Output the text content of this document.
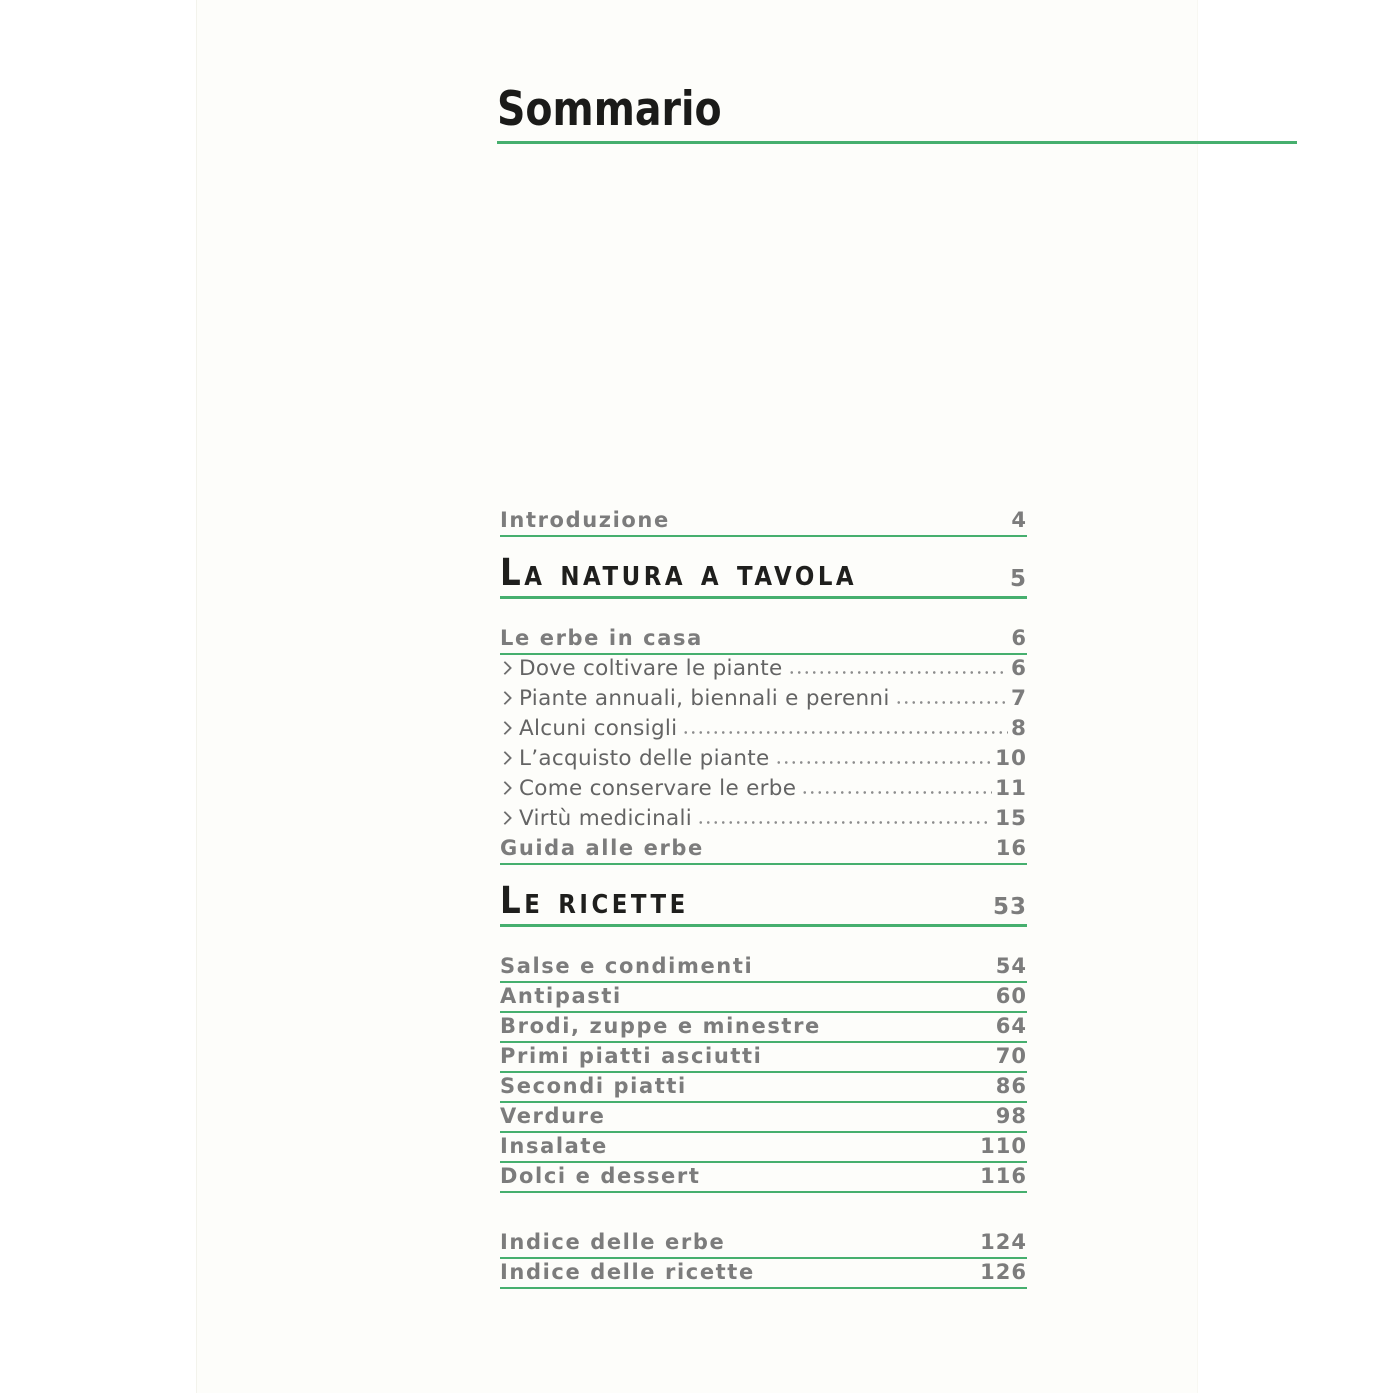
Sommario
Introduzione	4
La natura a tavola	5
Le erbe in casa	6
Dove coltivare le piante	6
Piante annuali, biennali e perenni	7
Alcuni consigli	8
L’acquisto delle piante	10
Come conservare le erbe	11
Virtù medicinali	15
Guida alle erbe	16
Le ricette	53
Salse e condimenti	54
Antipasti	60
Brodi, zuppe e minestre	64
Primi piatti asciutti	70
Secondi piatti	86
Verdure	98
Insalate	110
Dolci e dessert	116
Indice delle erbe	124
Indice delle ricette	126
